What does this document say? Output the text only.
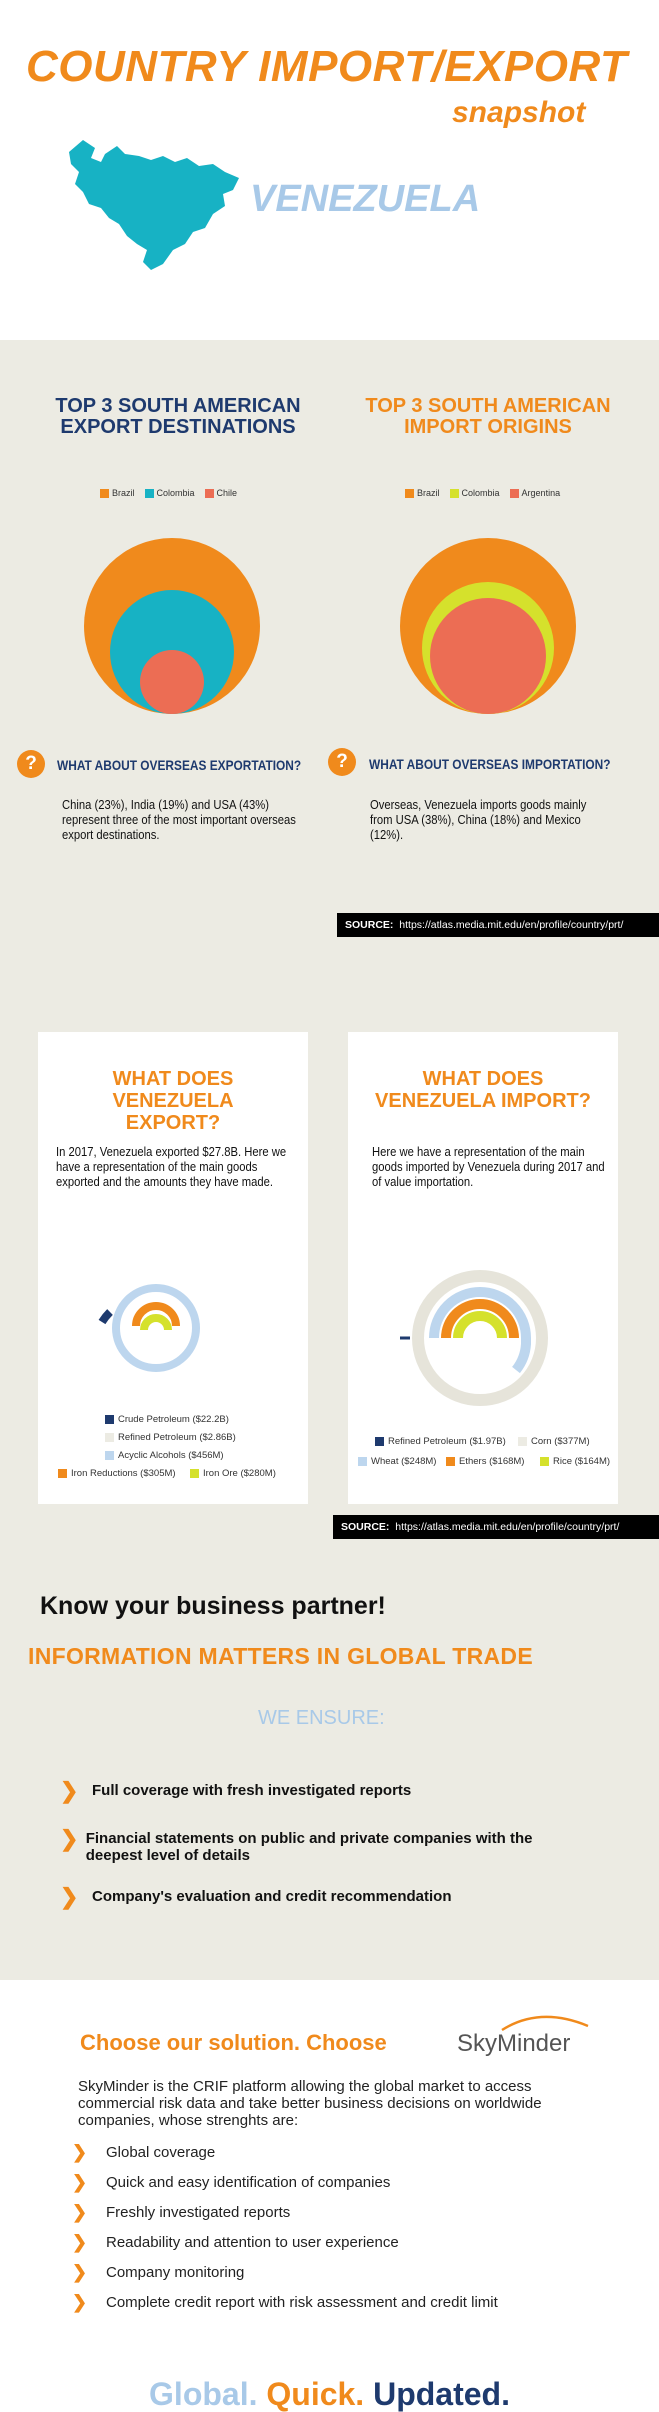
COUNTRY IMPORT/EXPORT
snapshot
VENEZUELA
TOP 3 SOUTH AMERICAN EXPORT DESTINATIONS
Brazil Colombia Chile
TOP 3 SOUTH AMERICAN IMPORT ORIGINS
Brazil Colombia Argentina
?	WHAT ABOUT OVERSEAS EXPORTATION?
China (23%), India (19%) and USA (43%) represent three of the most important overseas export destinations.
?	WHAT ABOUT OVERSEAS IMPORTATION?
Overseas, Venezuela imports goods mainly from USA (38%), China (18%) and Mexico (12%).
SOURCE: https://atlas.media.mit.edu/en/profile/country/prt/
WHAT DOES VENEZUELA EXPORT?
In 2017, Venezuela exported $27.8B. Here we have a representation of the main goods exported and the amounts they have made.
Crude Petroleum ($22.2B)
Refined Petroleum ($2.86B)
Acyclic Alcohols ($456M)
Iron Reductions ($305M)	Iron Ore ($280M)
WHAT DOES VENEZUELA IMPORT?
Here we have a representation of the main goods imported by Venezuela during 2017 and of value importation.
Refined Petroleum ($1.97B)	Corn ($377M)
Wheat ($248M)	Ethers ($168M)	Rice ($164M)
SOURCE: https://atlas.media.mit.edu/en/profile/country/prt/
Know your business partner!
INFORMATION MATTERS IN GLOBAL TRADE
WE ENSURE:
❯ Full coverage with fresh investigated reports
❯ Financial statements on public and private companies with the deepest level of details
❯ Company's evaluation and credit recommendation
Choose our solution. Choose	SkyMinder
SkyMinder is the CRIF platform allowing the global market to access commercial risk data and take better business decisions on worldwide companies, whose strenghts are:
❯	Global coverage
❯	Quick and easy identification of companies
❯	Freshly investigated reports
❯	Readability and attention to user experience
❯	Company monitoring
❯	Complete credit report with risk assessment and credit limit
Global. Quick. Updated.
